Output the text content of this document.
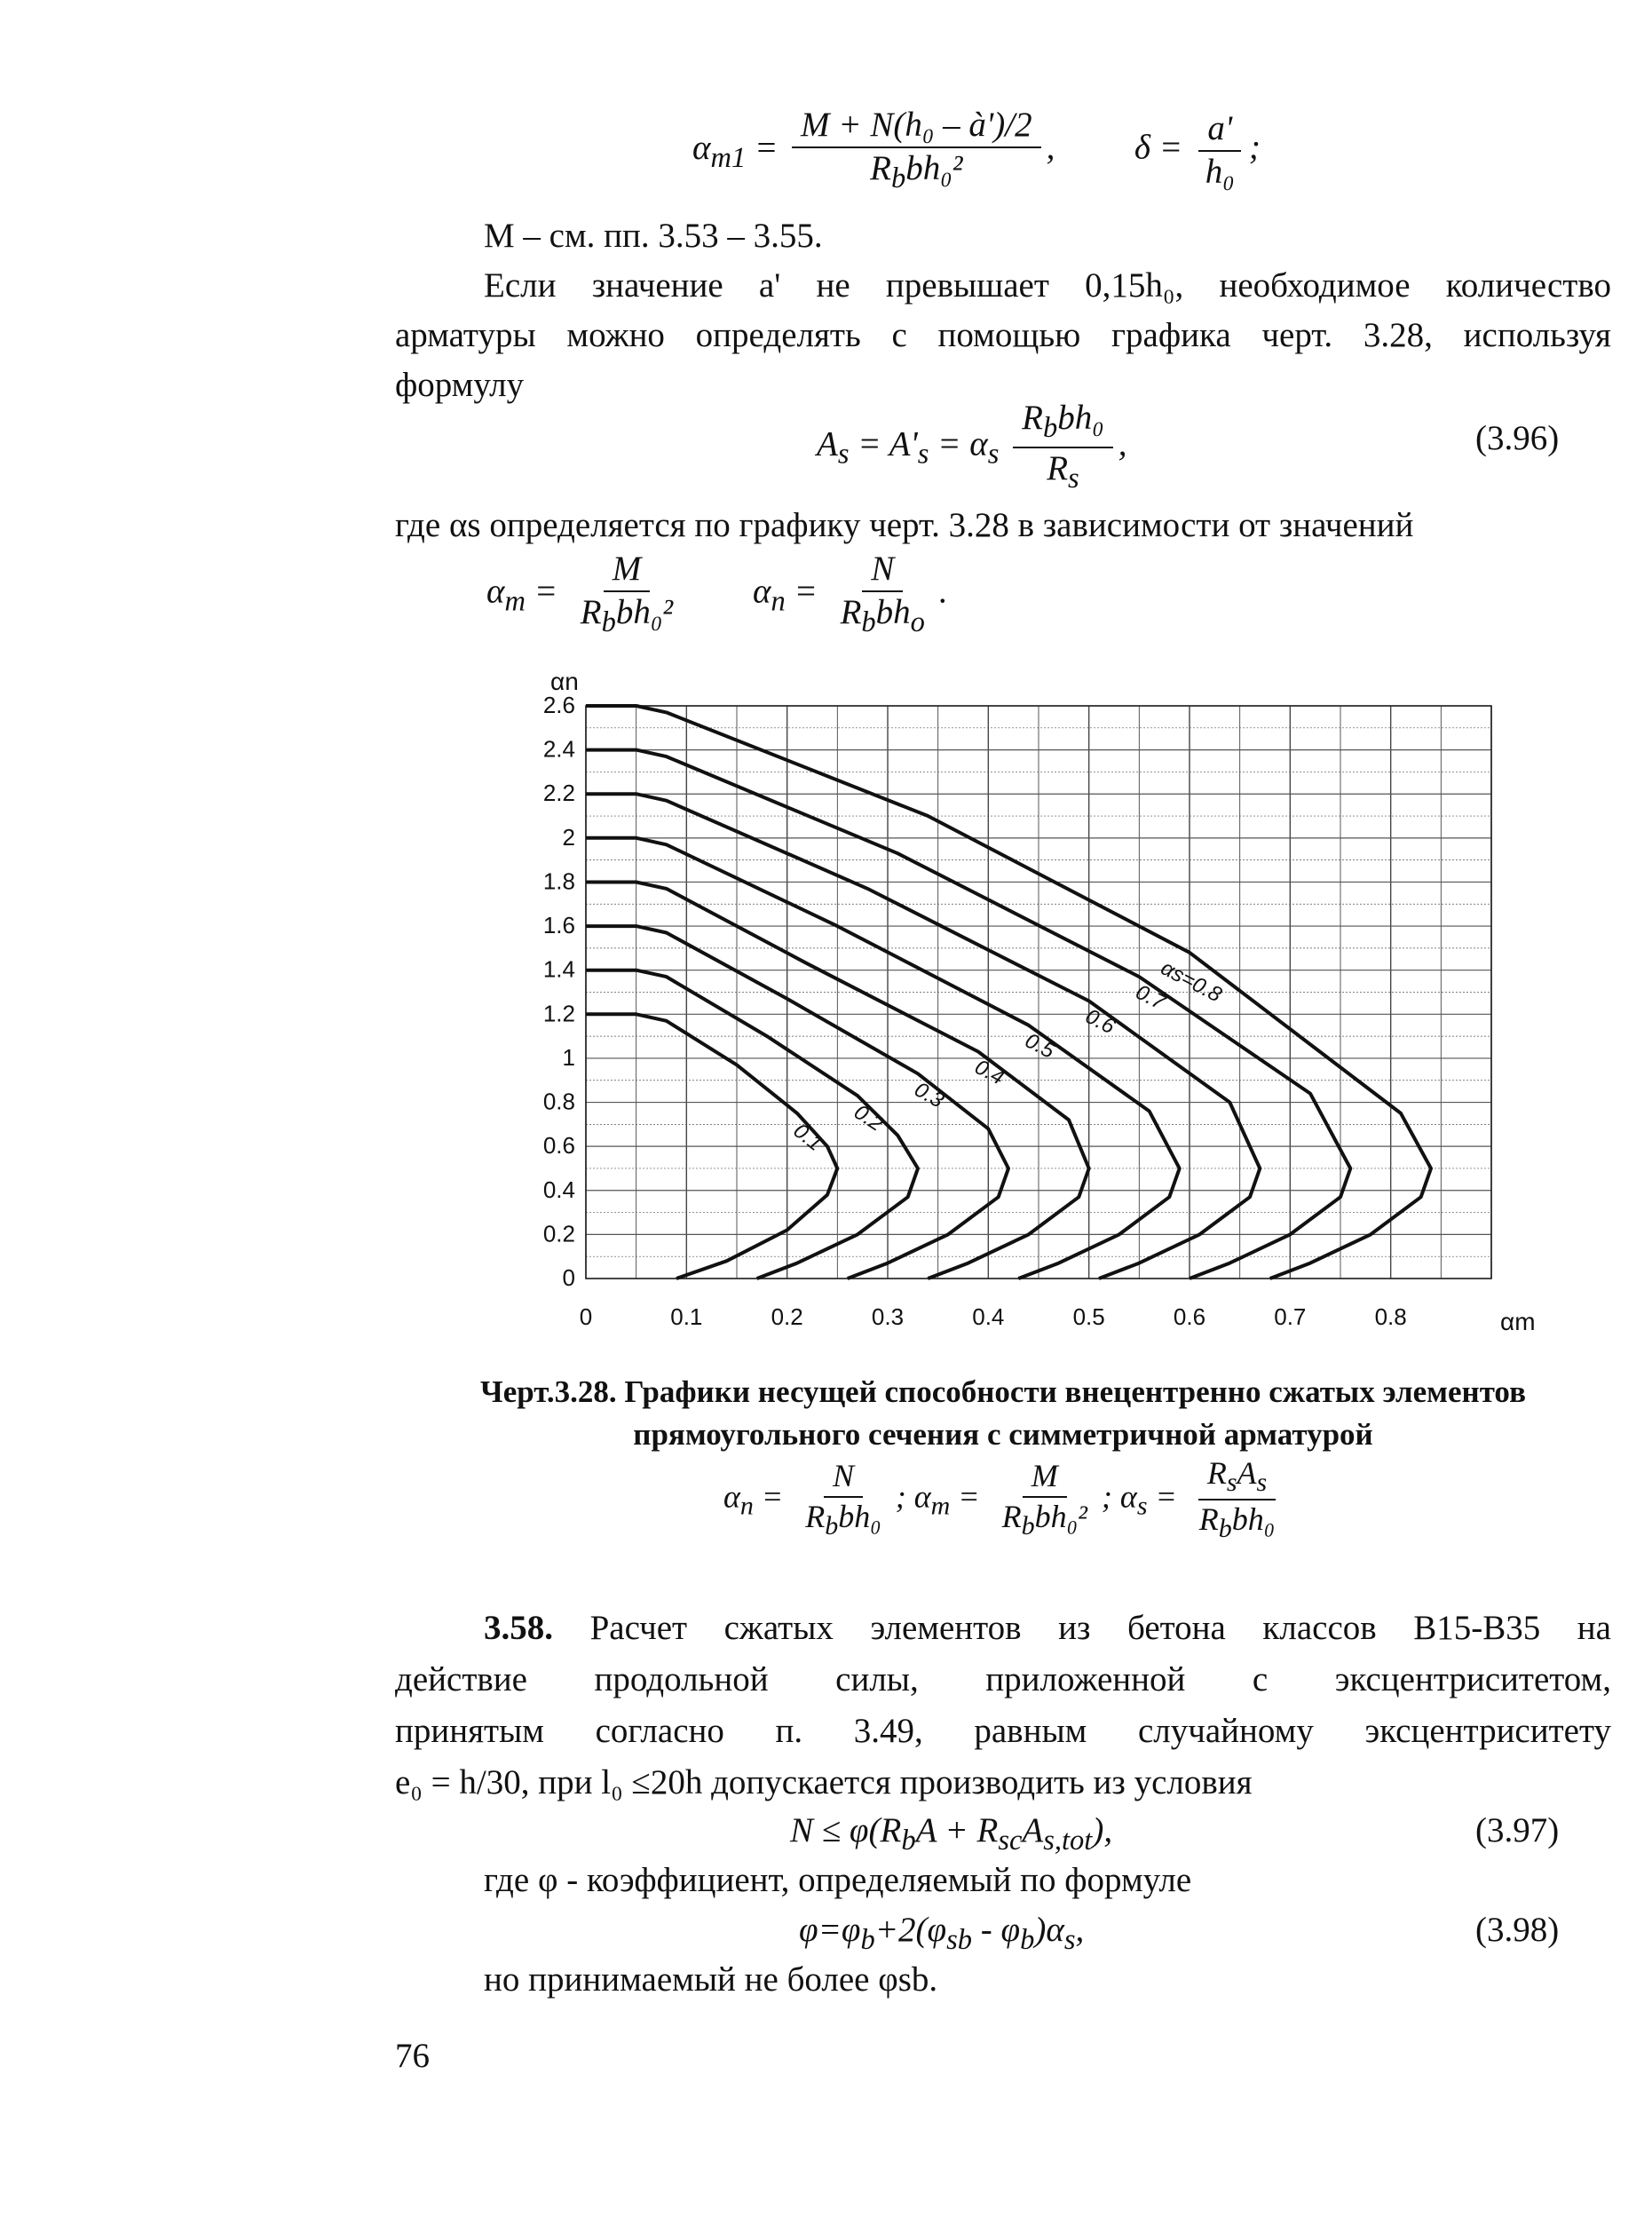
$\alpha_{m1} = \frac{\text{M + N(h₀ – à')/2}}{R_bbh_0^2}$ ,  $\delta = \frac{a'}{\text{h₀}}$ ;
М – см. пп. 3.53 – 3.55.
Если значение a' не превышает 0,15h₀, необходимое количество
арматуры можно определять с помощью графика черт. 3.28, используя
формулу
$A_s = A'_s = \alpha_s \frac{R_bbh_0}{R_s}$ ,	(3.96)
где αs определяется по графику черт. 3.28 в зависимости от значений
$\alpha_m = \frac{M}{R_bbh_0^2} \alpha_n = \frac{N}{R_bbh_o}$ .
0
0.2
0.4
0.6
0.8
1
1.2
1.4
1.6
1.8
2
2.2
2.4
2.6
0	0.1	0.2	0.3	0.4	0.5	0.6	0.7	0.8
αn
αm
0.1
0.2
0.3
0.4
0.5
0.6
0.7
αs=0.8
Черт.3.28. Графики несущей способности внецентренно сжатых элементов
прямоугольного сечения с симметричной арматурой
$\alpha_n = \frac{N}{R_bbh_0}$ ; $\alpha_m = \frac{M}{R_bbh_0^2}$ ; $\alpha_s = \frac{R_sA_s}{R_bbh_0}$
3.58. Расчет сжатых элементов из бетона классов В15-В35 на
действие продольной силы, приложенной с эксцентриситетом,
принятым согласно п. 3.49, равным случайному эксцентриситету
e₀ = h/30, при l₀ ≤20h допускается производить из условия
$N \le \varphi(R_bA + R_{sc}A_{s,tot})$,	(3.97)
где φ - коэффициент, определяемый по формуле
$\varphi=\varphi_b+2(\varphi_{sb} - \varphi_b)\alpha_s$,	(3.98)
но принимаемый не более φsb.
76
